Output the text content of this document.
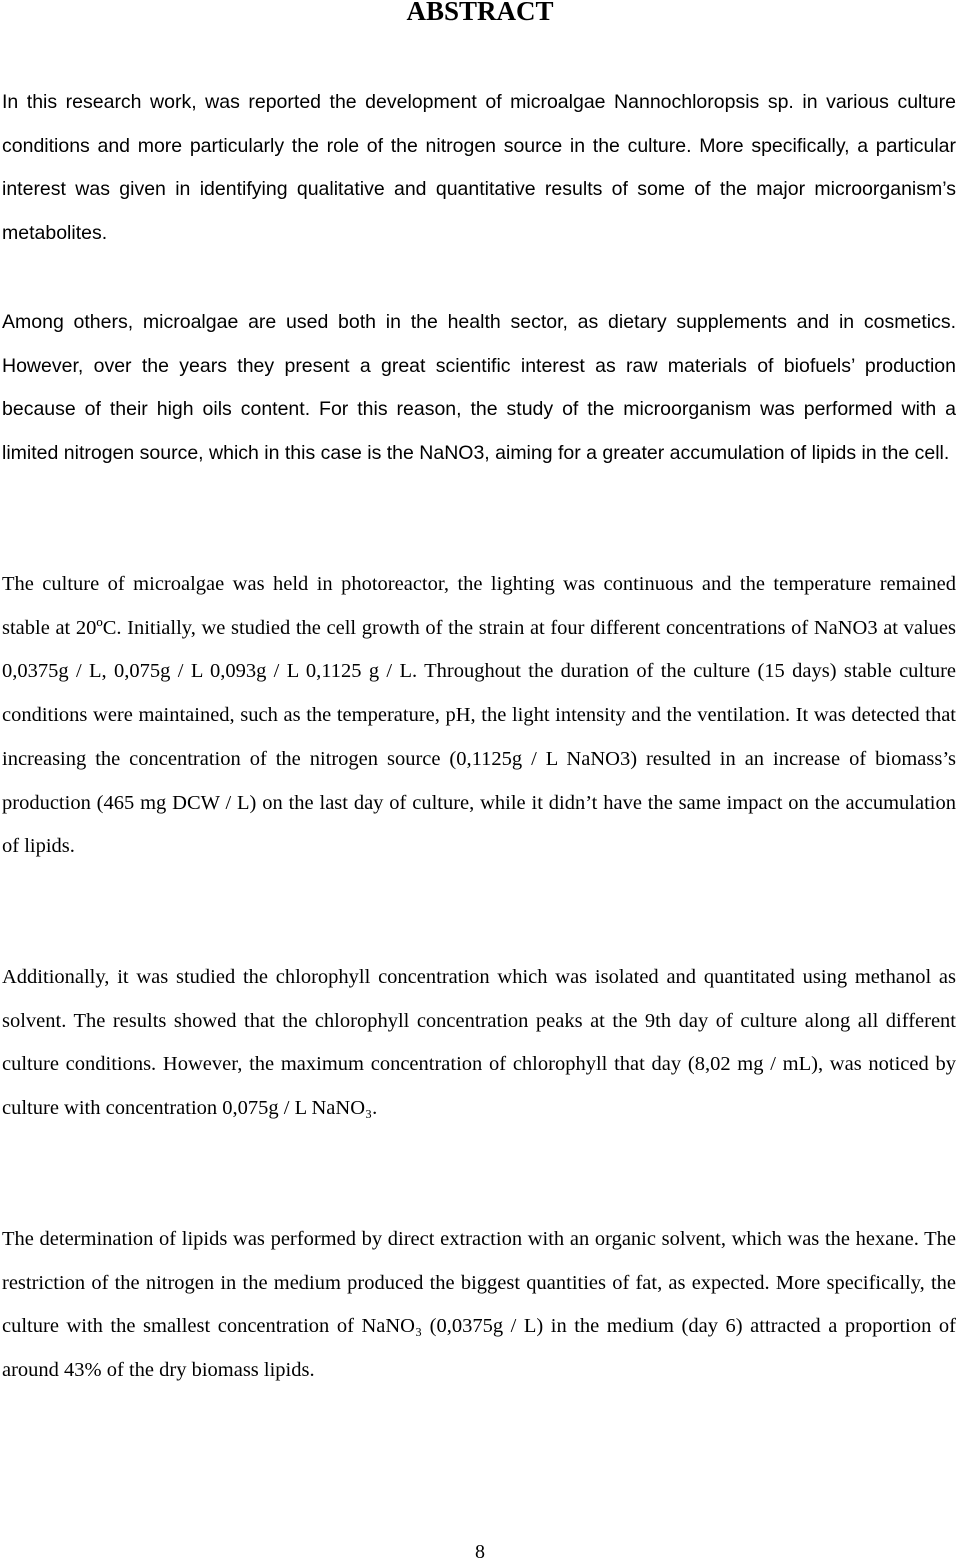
ABSTRACT

In this research work, was reported the development of microalgae Nannochloropsis sp. in various culture conditions and more particularly the role of the nitrogen source in the culture. More specifically, a particular interest was given in identifying qualitative and quantitative results of some of the major microorganism’s metabolites.

Among others, microalgae are used both in the health sector, as dietary supplements and in cosmetics. However, over the years they present a great scientific interest as raw materials of biofuels’ production because of their high oils content. For this reason, the study of the microorganism was performed with a limited nitrogen source, which in this case is the NaNO3, aiming for a greater accumulation of lipids in the cell.

The culture of microalgae was held in photoreactor, the lighting was continuous and the temperature remained stable at 20ºC. Initially, we studied the cell growth of the strain at four different concentrations of NaNO3 at values 0,0375g / L, 0,075g / L 0,093g / L 0,1125 g / L. Throughout the duration of the culture (15 days) stable culture conditions were maintained, such as the temperature, pH, the light intensity and the ventilation. It was detected that increasing the concentration of the nitrogen source (0,1125g / L NaNO3) resulted in an increase of biomass’s production (465 mg DCW / L) on the last day of culture, while it didn’t have the same impact on the accumulation of lipids.

Additionally, it was studied the chlorophyll concentration which was isolated and quantitated using methanol as solvent. The results showed that the chlorophyll concentration peaks at the 9th day of culture along all different culture conditions. However, the maximum concentration of chlorophyll that day (8,02 mg / mL), was noticed by culture with concentration 0,075g / L NaNO₃.

The determination of lipids was performed by direct extraction with an organic solvent, which was the hexane. The restriction of the nitrogen in the medium produced the biggest quantities of fat, as expected. More specifically, the culture with the smallest concentration of NaNO₃ (0,0375g / L) in the medium (day 6) attracted a proportion of around 43% of the dry biomass lipids.

8
